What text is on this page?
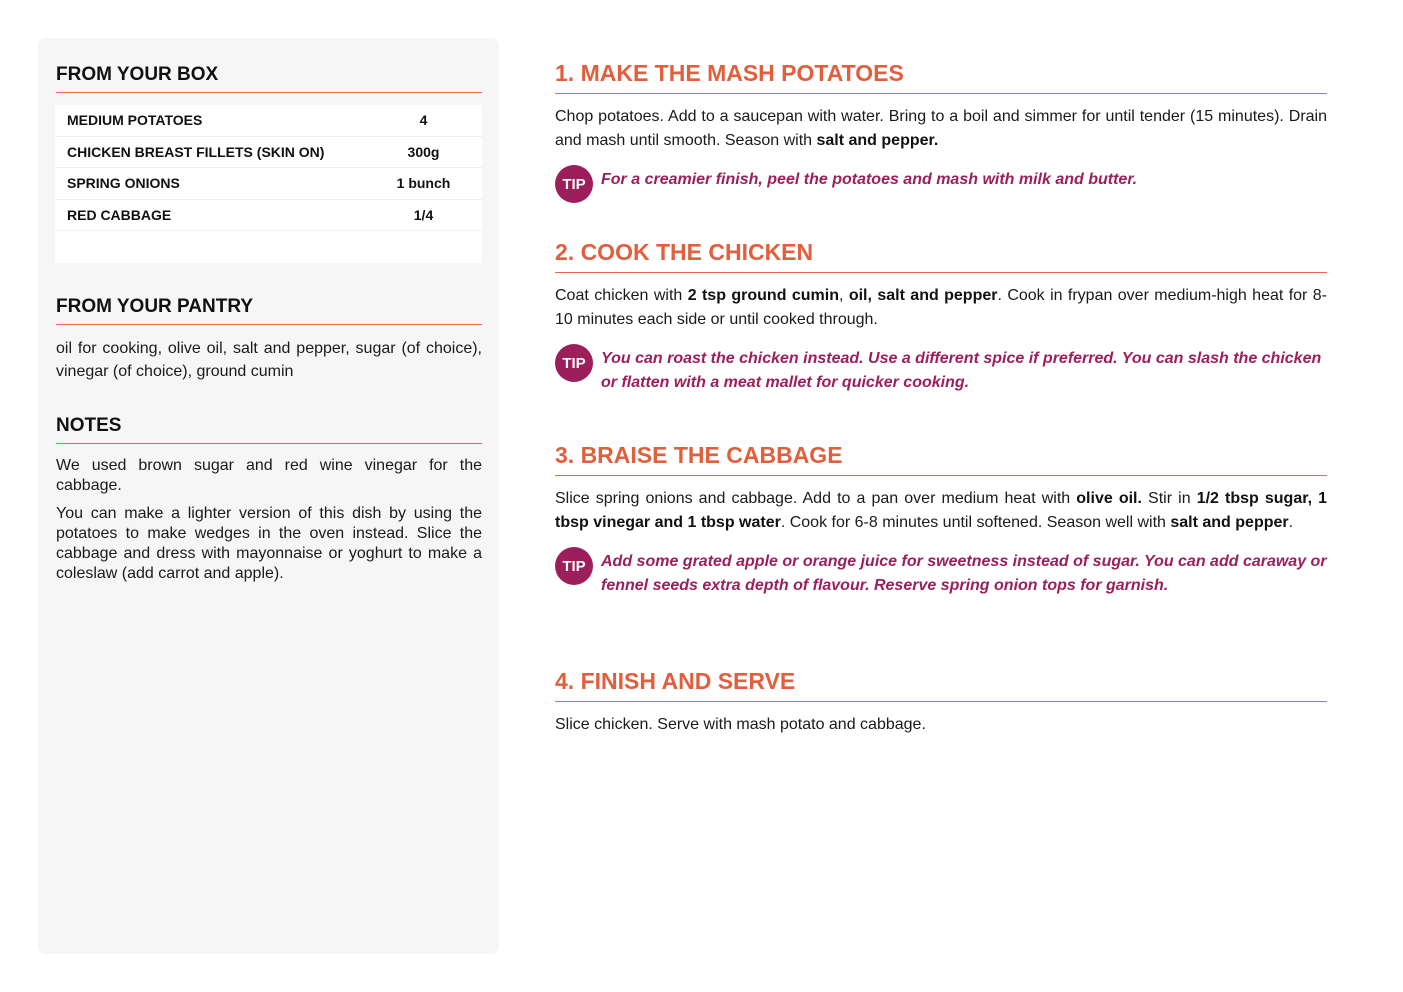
FROM YOUR BOX
MEDIUM POTATOES	4
CHICKEN BREAST FILLETS (SKIN ON)	300g
SPRING ONIONS	1 bunch
RED CABBAGE	1/4
FROM YOUR PANTRY
oil for cooking, olive oil, salt and pepper, sugar (of choice), vinegar (of choice), ground cumin
NOTES

We used brown sugar and red wine vinegar for the cabbage.

You can make a lighter version of this dish by using the potatoes to make wedges in the oven instead. Slice the cabbage and dress with mayonnaise or yoghurt to make a coleslaw (add carrot and apple).

1. MAKE THE MASH POTATOES
Chop potatoes. Add to a saucepan with water. Bring to a boil and simmer for until tender (15 minutes). Drain and mash until smooth. Season with salt and pepper.
TIP For a creamier finish, peel the potatoes and mash with milk and butter.
2. COOK THE CHICKEN
Coat chicken with 2 tsp ground cumin, oil, salt and pepper. Cook in frypan over medium-high heat for 8-10 minutes each side or until cooked through.
TIP You can roast the chicken instead. Use a different spice if preferred. You can slash the chicken or flatten with a meat mallet for quicker cooking.
3. BRAISE THE CABBAGE
Slice spring onions and cabbage. Add to a pan over medium heat with olive oil. Stir in 1/2 tbsp sugar, 1 tbsp vinegar and 1 tbsp water. Cook for 6-8 minutes until softened. Season well with salt and pepper.
TIP Add some grated apple or orange juice for sweetness instead of sugar. You can add caraway or fennel seeds extra depth of flavour. Reserve spring onion tops for garnish.
4. FINISH AND SERVE
Slice chicken. Serve with mash potato and cabbage.
